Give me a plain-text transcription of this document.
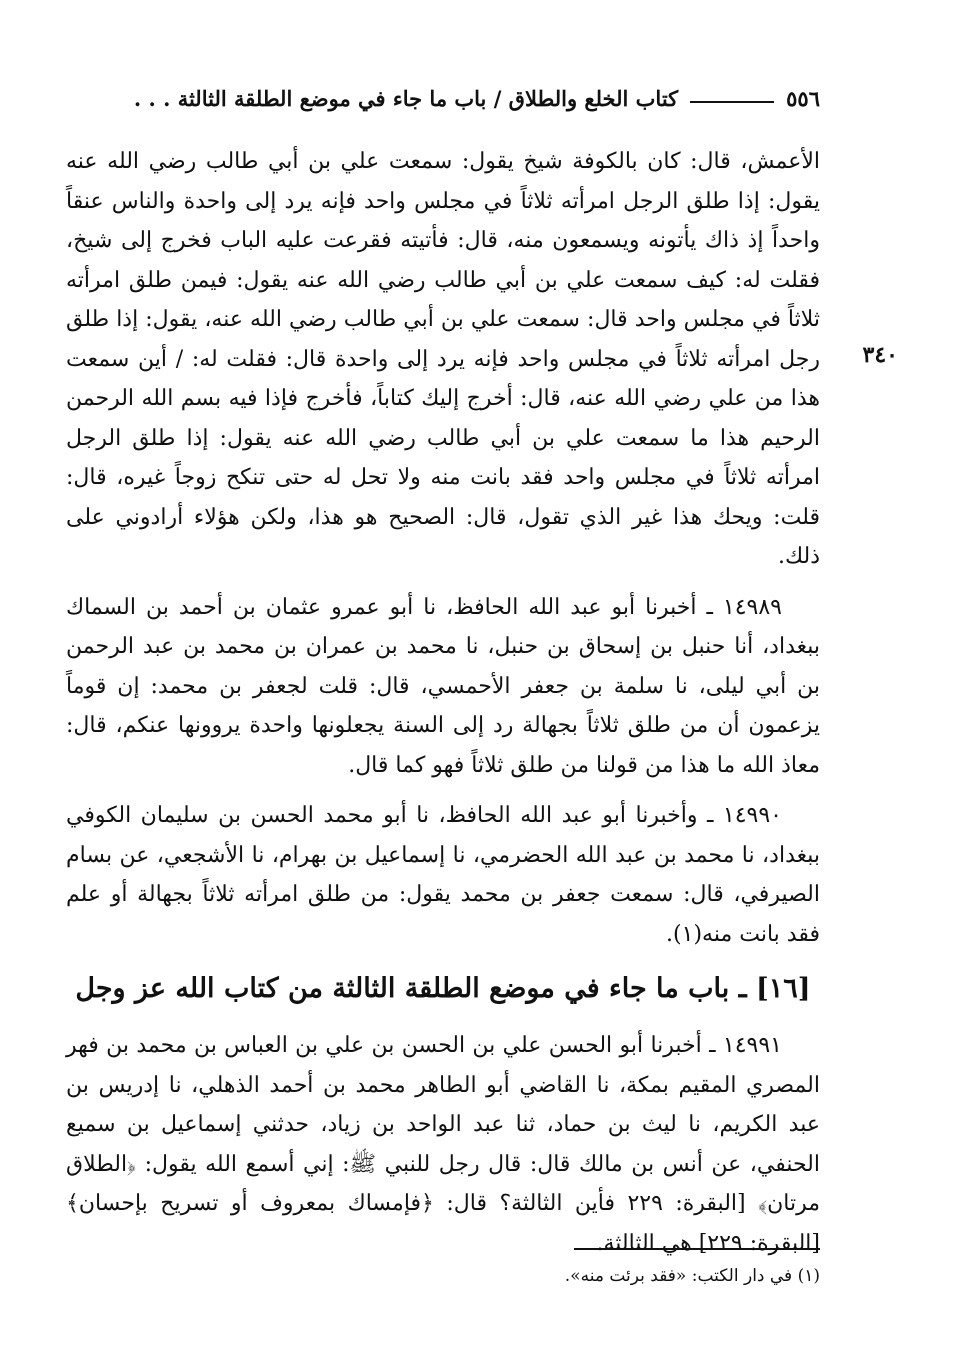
٥٥٦
كتاب الخلع والطلاق / باب ما جاء في موضع الطلقة الثالثة . . .
٣٤٠

الأعمش، قال: كان بالكوفة شيخ يقول: سمعت علي بن أبي طالب رضي الله عنه يقول: إذا طلق الرجل امرأته ثلاثاً في مجلس واحد فإنه يرد إلى واحدة والناس عنقاً واحداً إذ ذاك يأتونه ويسمعون منه، قال: فأتيته فقرعت عليه الباب فخرج إلى شيخ، فقلت له: كيف سمعت علي بن أبي طالب رضي الله عنه يقول: فيمن طلق امرأته ثلاثاً في مجلس واحد قال: سمعت علي بن أبي طالب رضي الله عنه، يقول: إذا طلق رجل امرأته ثلاثاً في مجلس واحد فإنه يرد إلى واحدة قال: فقلت له: / أين سمعت هذا من علي رضي الله عنه، قال: أخرج إليك كتاباً، فأخرج فإذا فيه بسم الله الرحمن الرحيم هذا ما سمعت علي بن أبي طالب رضي الله عنه يقول: إذا طلق الرجل امرأته ثلاثاً في مجلس واحد فقد بانت منه ولا تحل له حتى تنكح زوجاً غيره، قال: قلت: ويحك هذا غير الذي تقول، قال: الصحيح هو هذا، ولكن هؤلاء أرادوني على ذلك.

١٤٩٨٩ ـ أخبرنا أبو عبد الله الحافظ، نا أبو عمرو عثمان بن أحمد بن السماك ببغداد، أنا حنبل بن إسحاق بن حنبل، نا محمد بن عمران بن محمد بن عبد الرحمن بن أبي ليلى، نا سلمة بن جعفر الأحمسي، قال: قلت لجعفر بن محمد: إن قوماً يزعمون أن من طلق ثلاثاً بجهالة رد إلى السنة يجعلونها واحدة يروونها عنكم، قال: معاذ الله ما هذا من قولنا من طلق ثلاثاً فهو كما قال.

١٤٩٩٠ ـ وأخبرنا أبو عبد الله الحافظ، نا أبو محمد الحسن بن سليمان الكوفي ببغداد، نا محمد بن عبد الله الحضرمي، نا إسماعيل بن بهرام، نا الأشجعي، عن بسام الصيرفي، قال: سمعت جعفر بن محمد يقول: من طلق امرأته ثلاثاً بجهالة أو علم فقد بانت منه(١).

[١٦] ـ باب ما جاء في موضع الطلقة الثالثة من كتاب الله عز وجل

١٤٩٩١ ـ أخبرنا أبو الحسن علي بن الحسن بن علي بن العباس بن محمد بن فهر المصري المقيم بمكة، نا القاضي أبو الطاهر محمد بن أحمد الذهلي، نا إدريس بن عبد الكريم، نا ليث بن حماد، ثنا عبد الواحد بن زياد، حدثني إسماعيل بن سميع الحنفي، عن أنس بن مالك قال: قال رجل للنبي ﷺ: إني أسمع الله يقول: ﴿الطلاق مرتان﴾ [البقرة: ٢٢٩ فأين الثالثة؟ قال: ﴿فإمساك بمعروف أو تسريح بإحسان﴾ [البقرة: ٢٢٩] هي الثالثة.

(١) في دار الكتب: «فقد برئت منه».
